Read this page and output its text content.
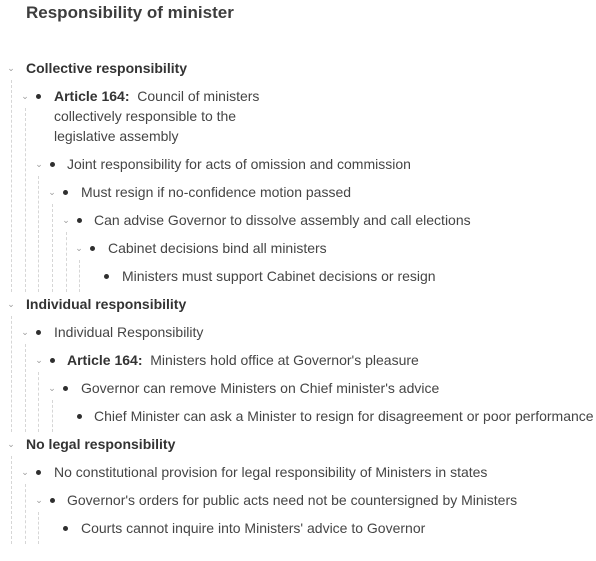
Responsibility of minister
⌄ Collective responsibility
⌄ Article 164: Council of ministers
collectively responsible to the
legislative assembly
⌄ Joint responsibility for acts of omission and commission
⌄ Must resign if no-confidence motion passed
⌄ Can advise Governor to dissolve assembly and call elections
⌄ Cabinet decisions bind all ministers
Ministers must support Cabinet decisions or resign
⌄ Individual responsibility
⌄ Individual Responsibility
⌄ Article 164: Ministers hold office at Governor's pleasure
⌄ Governor can remove Ministers on Chief minister's advice
Chief Minister can ask a Minister to resign for disagreement or poor performance
⌄ No legal responsibility
⌄ No constitutional provision for legal responsibility of Ministers in states
⌄ Governor's orders for public acts need not be countersigned by Ministers
Courts cannot inquire into Ministers' advice to Governor
